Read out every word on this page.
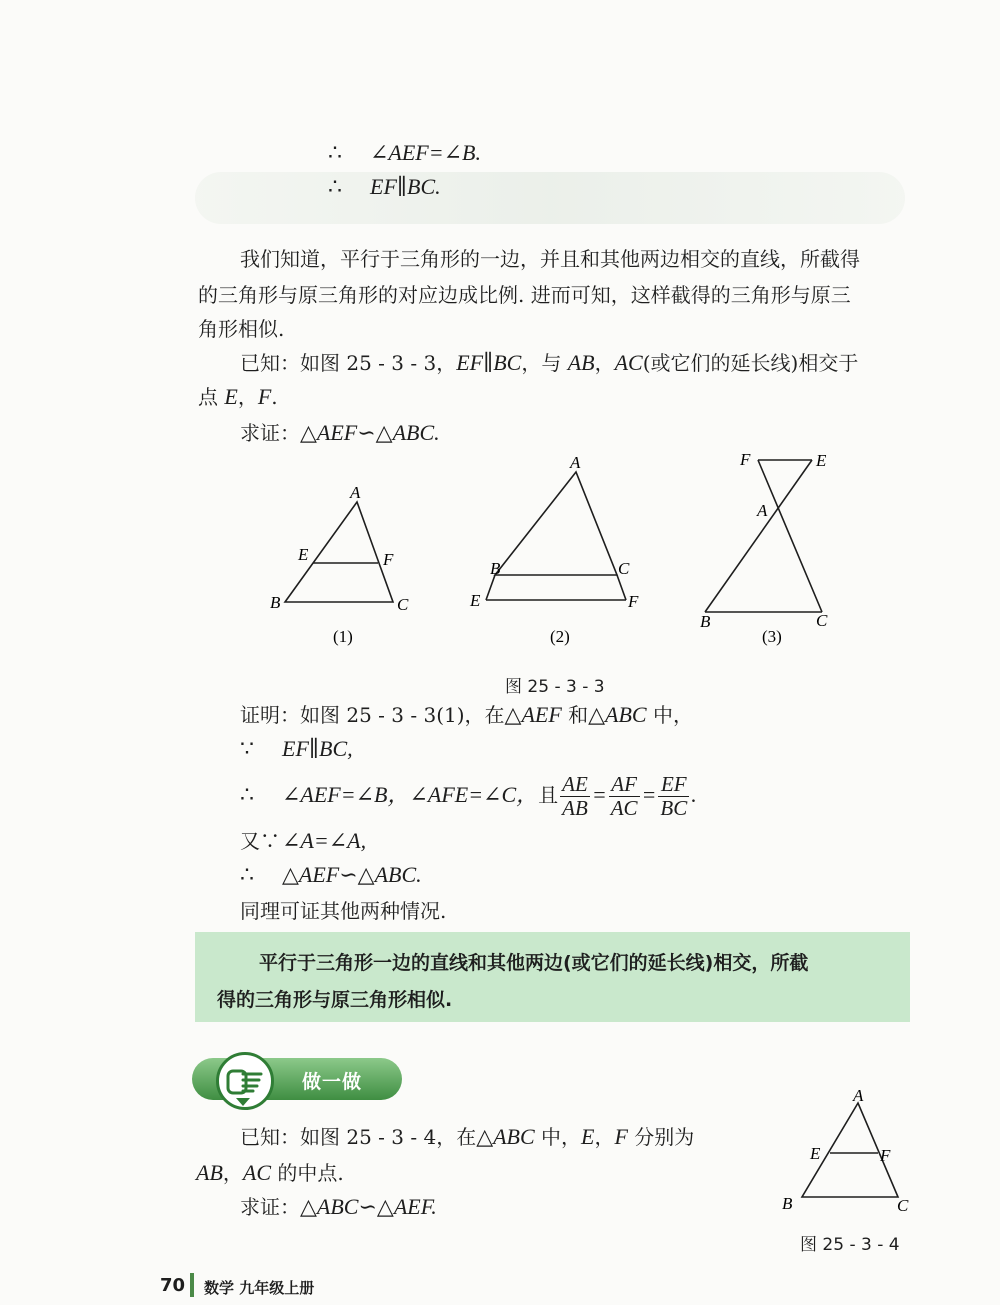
∴ ∠AEF=∠B.
∴ EF∥BC.
我们知道，平行于三角形的一边，并且和其他两边相交的直线，所截得
的三角形与原三角形的对应边成比例. 进而可知，这样截得的三角形与原三
角形相似.
已知：如图 25 - 3 - 3，EF∥BC，与 AB，AC(或它们的延长线)相交于
点 E，F.
求证：△AEF∽△ABC.
A
E	F
B	C
(1)
A
B	C
E	F
(2)
F	E
A
B	C
(3)
图 25 - 3 - 3
证明：如图 25 - 3 - 3(1)，在△AEF 和△ABC 中，
∵ EF∥BC,
∴ ∠AEF=∠B，∠AFE=∠C，且 $\frac{AE}{AB} = \frac{AF}{AC} = \frac{EF}{BC}$ .
又∵∠A=∠A,
∴ △AEF∽△ABC.
同理可证其他两种情况.
平行于三角形一边的直线和其他两边(或它们的延长线)相交，所截
得的三角形与原三角形相似.
做一做
已知：如图 25 - 3 - 4，在△ABC 中，E，F 分别为
AB，AC 的中点.
求证：△ABC∽△AEF.
A
E	F
B	C
图 25 - 3 - 4
70 数学 九年级上册
